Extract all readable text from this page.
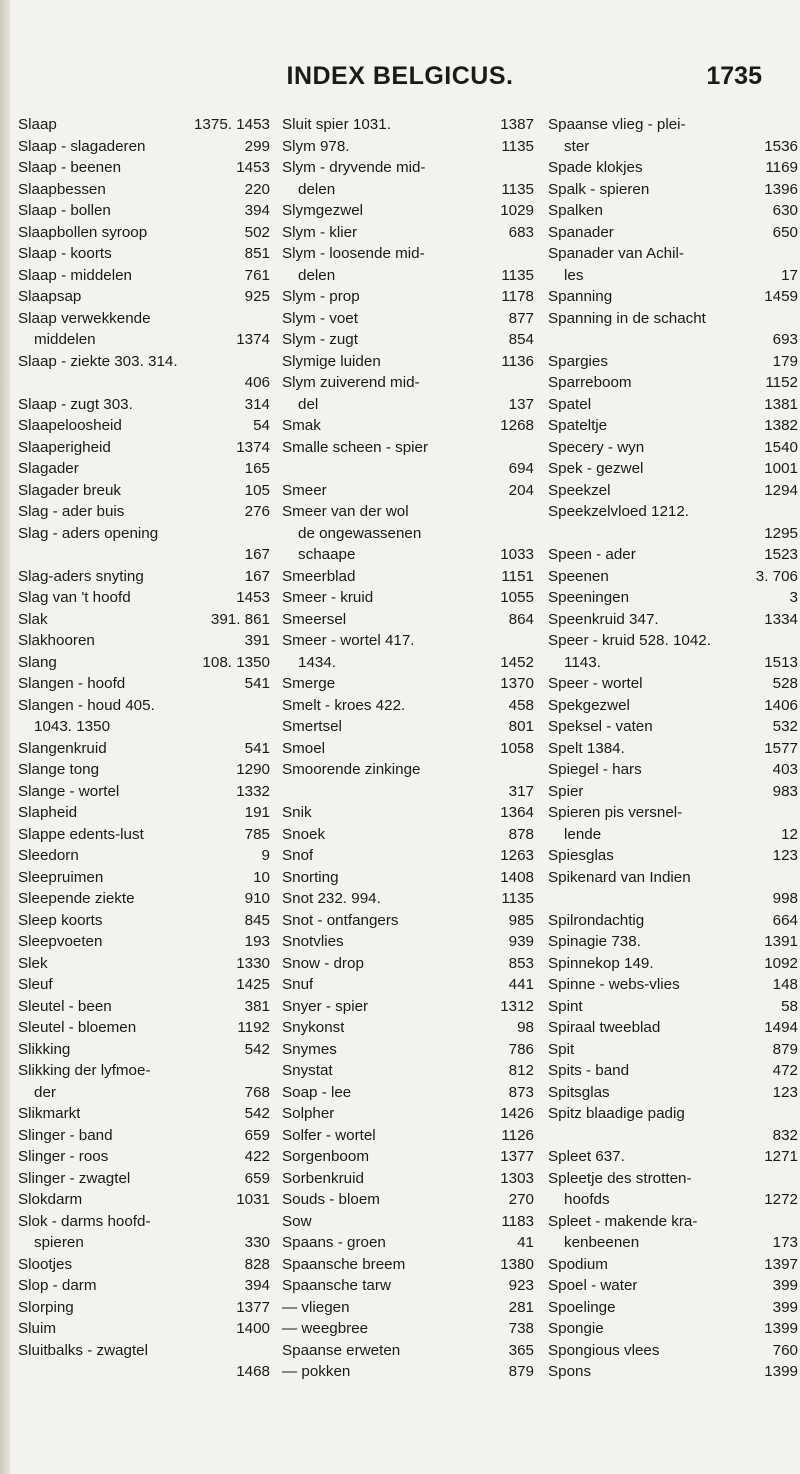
INDEX BELGICUS.	1735
Slaap	1375. 1453
Slaap - slagaderen	299
Slaap - beenen	1453
Slaapbessen	220
Slaap - bollen	394
Slaapbollen syroop	502
Slaap - koorts	851
Slaap - middelen	761
Slaapsap	925
Slaap verwekkende
middelen	1374
Slaap - ziekte 303. 314.
406
Slaap - zugt 303.	314
Slaapeloosheid	54
Slaaperigheid	1374
Slagader	165
Slagader breuk	105
Slag - ader buis	276
Slag - aders opening
167
Slag-aders snyting	167
Slag van 't hoofd	1453
Slak	391. 861
Slakhooren	391
Slang	108. 1350
Slangen - hoofd	541
Slangen - houd 405.
1043. 1350
Slangenkruid	541
Slange tong	1290
Slange - wortel	1332
Slapheid	191
Slappe edents-lust	785
Sleedorn	9
Sleepruimen	10
Sleepende ziekte	910
Sleep koorts	845
Sleepvoeten	193
Slek	1330
Sleuf	1425
Sleutel - been	381
Sleutel - bloemen	1192
Slikking	542
Slikking der lyfmoe-
der	768
Slikmarkt	542
Slinger - band	659
Slinger - roos	422
Slinger - zwagtel	659
Slokdarm	1031
Slok - darms hoofd-
spieren	330
Slootjes	828
Slop - darm	394
Slorping	1377
Sluim	1400
Sluitbalks - zwagtel
1468
Sluit spier 1031.	1387
Slym 978.	1135
Slym - dryvende mid-
delen	1135
Slymgezwel	1029
Slym - klier	683
Slym - loosende mid-
delen	1135
Slym - prop	1178
Slym - voet	877
Slym - zugt	854
Slymige luiden	1136
Slym zuiverend mid-
del	137
Smak	1268
Smalle scheen - spier
694
Smeer	204
Smeer van der wol
de ongewassenen
schaape	1033
Smeerblad	1151
Smeer - kruid	1055
Smeersel	864
Smeer - wortel 417.
1434.	1452
Smerge	1370
Smelt - kroes 422.	458
Smertsel	801
Smoel	1058
Smoorende zinkinge
317
Snik	1364
Snoek	878
Snof	1263
Snorting	1408
Snot 232. 994.	1135
Snot - ontfangers	985
Snotvlies	939
Snow - drop	853
Snuf	441
Snyer - spier	1312
Snykonst	98
Snymes	786
Snystat	812
Soap - lee	873
Solpher	1426
Solfer - wortel	1126
Sorgenboom	1377
Sorbenkruid	1303
Souds - bloem	270
Sow	1183
Spaans - groen	41
Spaansche breem	1380
Spaansche tarw	923
— vliegen	281
— weegbree	738
Spaanse erweten	365
— pokken	879
Spaanse vlieg - plei-
ster	1536
Spade klokjes	1169
Spalk - spieren	1396
Spalken	630
Spanader	650
Spanader van Achil-
les	17
Spanning	1459
Spanning in de schacht
693
Spargies	179
Sparreboom	1152
Spatel	1381
Spateltje	1382
Specery - wyn	1540
Spek - gezwel	1001
Speekzel	1294
Speekzelvloed 1212.
1295
Speen - ader	1523
Speenen	3. 706
Speeningen	3
Speenkruid 347.	1334
Speer - kruid 528. 1042.
1143.	1513
Speer - wortel	528
Spekgezwel	1406
Speksel - vaten	532
Spelt 1384.	1577
Spiegel - hars	403
Spier	983
Spieren pis versnel-
lende	12
Spiesglas	123
Spikenard van Indien
998
Spilrondachtig	664
Spinagie 738.	1391
Spinnekop 149.	1092
Spinne - webs-vlies	148
Spint	58
Spiraal tweeblad	1494
Spit	879
Spits - band	472
Spitsglas	123
Spitz blaadige padig
832
Spleet 637.	1271
Spleetje des strotten-
hoofds	1272
Spleet - makende kra-
kenbeenen	173
Spodium	1397
Spoel - water	399
Spoelinge	399
Spongie	1399
Spongious vlees	760
Spons	1399
